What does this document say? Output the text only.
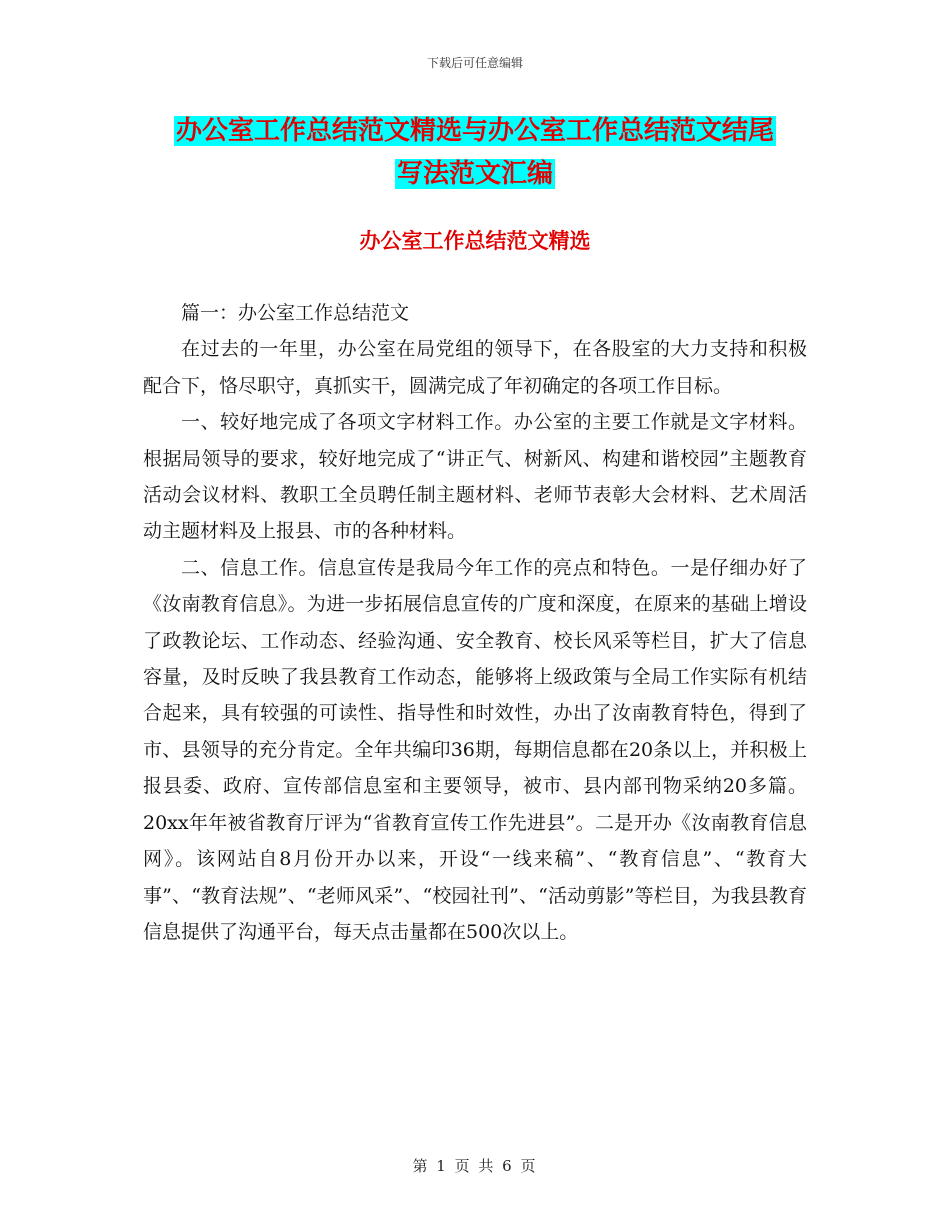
下载后可任意编辑
办公室工作总结范文精选与办公室工作总结范文结尾
写法范文汇编
办公室工作总结范文精选

篇一：办公室工作总结范文

在过去的一年里，办公室在局党组的领导下，在各股室的大力支持和积极配合下，恪尽职守，真抓实干，圆满完成了年初确定的各项工作目标。

一、较好地完成了各项文字材料工作。办公室的主要工作就是文字材料。根据局领导的要求，较好地完成了“讲正气、树新风、构建和谐校园”主题教育活动会议材料、教职工全员聘任制主题材料、老师节表彰大会材料、艺术周活动主题材料及上报县、市的各种材料。

二、信息工作。信息宣传是我局今年工作的亮点和特色。一是仔细办好了《汝南教育信息》。为进一步拓展信息宣传的广度和深度，在原来的基础上增设了政教论坛、工作动态、经验沟通、安全教育、校长风采等栏目，扩大了信息容量，及时反映了我县教育工作动态，能够将上级政策与全局工作实际有机结合起来，具有较强的可读性、指导性和时效性，办出了汝南教育特色，得到了市、县领导的充分肯定。全年共编印36期，每期信息都在20条以上，并积极上报县委、政府、宣传部信息室和主要领导，被市、县内部刊物采纳20多篇。20xx年年被省教育厅评为“省教育宣传工作先进县”。二是开办《汝南教育信息网》。该网站自8月份开办以来，开设“一线来稿”、“教育信息”、“教育大事”、“教育法规”、“老师风采”、“校园社刊”、“活动剪影”等栏目，为我县教育信息提供了沟通平台，每天点击量都在500次以上。

第 1 页 共 6 页
